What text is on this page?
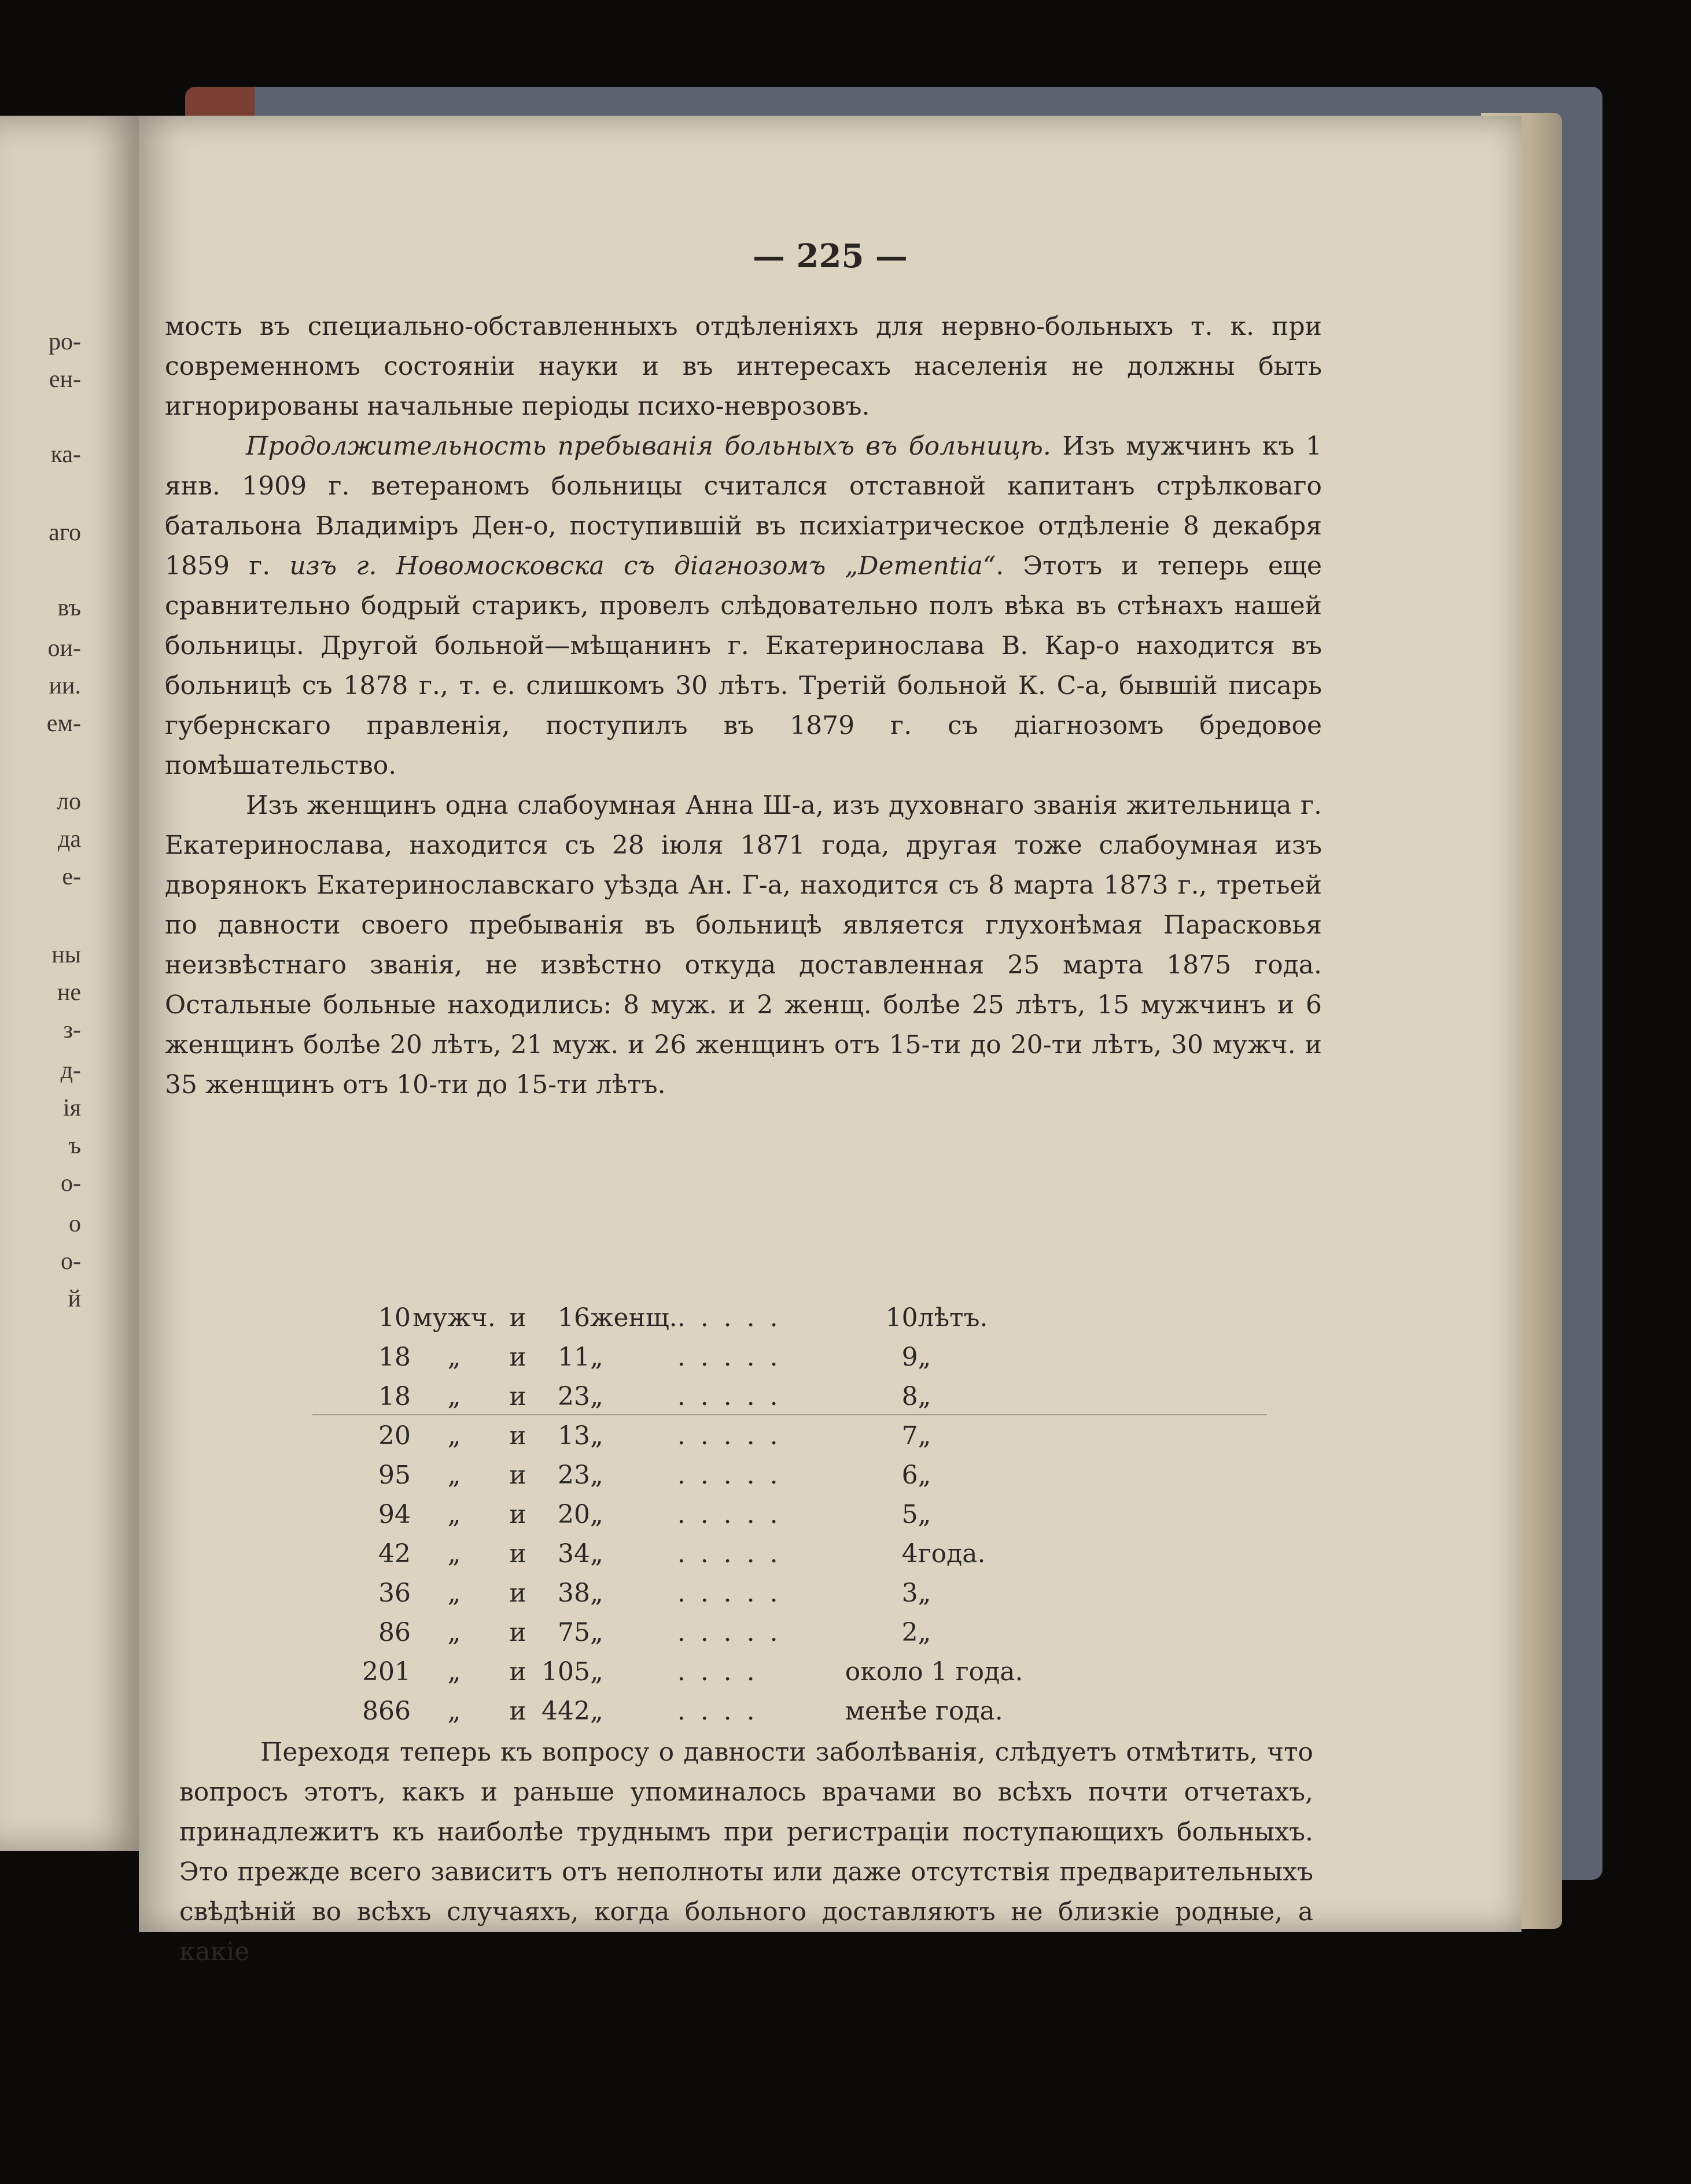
ро-
ен-
ка-
аго
въ
ои-
ии.
ем-
ло
да
е-
ны
не
з-
д-
ія
ъ
о-
о
о-
й
— 225 —

мость въ специально-обставленныхъ отдѣленіяхъ для нервно-больныхъ т. к. при современномъ состояніи науки и въ интересахъ населенія не должны быть игнорированы начальные періоды психо-неврозовъ.

Продолжительность пребыванія больныхъ въ больницѣ. Изъ мужчинъ къ 1 янв. 1909 г. ветераномъ больницы считался отставной капитанъ стрѣлковаго батальона Владиміръ Ден-о, поступившій въ психіатрическое отдѣленіе 8 декабря 1859 г. изъ г. Новомосковска съ діагнозомъ „Dementia“. Этотъ и теперь еще сравнительно бодрый старикъ, провелъ слѣдовательно полъ вѣка въ стѣнахъ нашей больницы. Другой больной—мѣщанинъ г. Екатеринослава В. Кар-о находится въ больницѣ съ 1878 г., т. е. слишкомъ 30 лѣтъ. Третій больной К. С-а, бывшій писарь губернскаго правленія, поступилъ въ 1879 г. съ діагнозомъ бредовое помѣшательство.

Изъ женщинъ одна слабоумная Анна Ш-а, изъ духовнаго званія жительница г. Екатеринослава, находится съ 28 іюля 1871 года, другая тоже слабоумная изъ дворянокъ Екатеринославскаго уѣзда Ан. Г-а, находится съ 8 марта 1873 г., третьей по давности своего пребыванія въ больницѣ является глухонѣмая Парасковья неизвѣстнаго званія, не извѣстно откуда доставленная 25 марта 1875 года. Остальные больные находились: 8 муж. и 2 женщ. болѣе 25 лѣтъ, 15 мужчинъ и 6 женщинъ болѣе 20 лѣтъ, 21 муж. и 26 женщинъ отъ 15-ти до 20-ти лѣтъ, 30 мужч. и 35 женщинъ отъ 10-ти до 15-ти лѣтъ.

10	мужч.	и	16	женщ.	. . . . .	10	лѣтъ.
18	„	и	11	„	. . . . .	9	„
18	„	и	23	„	. . . . .	8	„
20	„	и	13	„	. . . . .	7	„
95	„	и	23	„	. . . . .	6	„
94	„	и	20	„	. . . . .	5	„
42	„	и	34	„	. . . . .	4	года.
36	„	и	38	„	. . . . .	3	„
86	„	и	75	„	. . . . .	2	„
201	„	и	105	„	. . . .	около 1 года.	
866	„	и	442	„	. . . .	менѣе года.	

Переходя теперь къ вопросу о давности заболѣванія, слѣдуетъ отмѣтить, что вопросъ этотъ, какъ и раньше упоминалось врачами во всѣхъ почти отчетахъ, принадлежитъ къ наиболѣе труднымъ при регистраціи поступающихъ больныхъ. Это прежде всего зависитъ отъ неполноты или даже отсутствія предварительныхъ свѣдѣній во всѣхъ случаяхъ, когда больного доставляютъ не близкіе родные, а какіе
